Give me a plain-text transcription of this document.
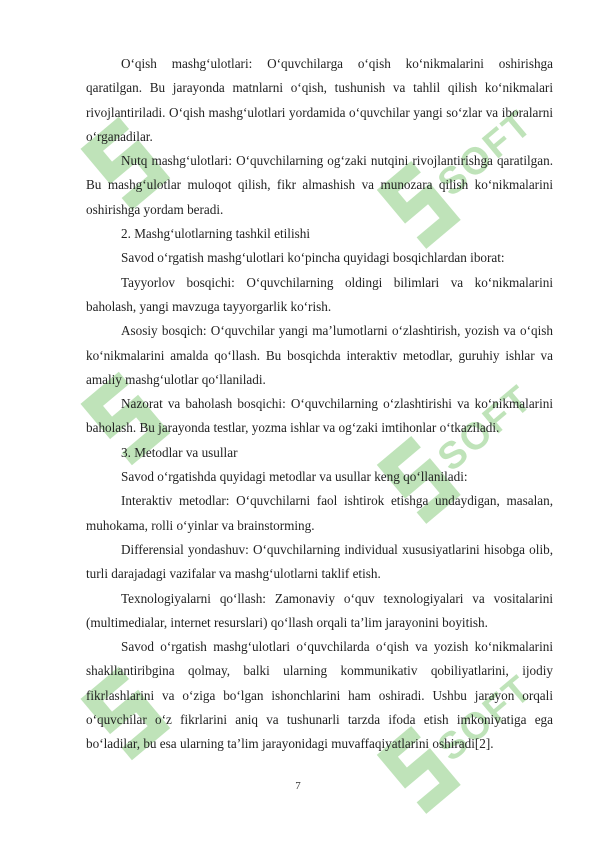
SOFT
SOFT
SOFT

O‘qish mashg‘ulotlari: O‘quvchilarga o‘qish ko‘nikmalarini oshirishga qaratilgan. Bu jarayonda matnlarni o‘qish, tushunish va tahlil qilish ko‘nikmalari rivojlantiriladi. O‘qish mashg‘ulotlari yordamida o‘quvchilar yangi so‘zlar va iboralarni o‘rganadilar.

Nutq mashg‘ulotlari: O‘quvchilarning og‘zaki nutqini rivojlantirishga qaratilgan. Bu mashg‘ulotlar muloqot qilish, fikr almashish va munozara qilish ko‘nikmalarini oshirishga yordam beradi.

2. Mashg‘ulotlarning tashkil etilishi

Savod o‘rgatish mashg‘ulotlari ko‘pincha quyidagi bosqichlardan iborat:

Tayyorlov bosqichi: O‘quvchilarning oldingi bilimlari va ko‘nikmalarini baholash, yangi mavzuga tayyorgarlik ko‘rish.

Asosiy bosqich: O‘quvchilar yangi ma’lumotlarni o‘zlashtirish, yozish va o‘qish ko‘nikmalarini amalda qo‘llash. Bu bosqichda interaktiv metodlar, guruhiy ishlar va amaliy mashg‘ulotlar qo‘llaniladi.

Nazorat va baholash bosqichi: O‘quvchilarning o‘zlashtirishi va ko‘nikmalarini baholash. Bu jarayonda testlar, yozma ishlar va og‘zaki imtihonlar o‘tkaziladi.

3. Metodlar va usullar

Savod o‘rgatishda quyidagi metodlar va usullar keng qo‘llaniladi:

Interaktiv metodlar: O‘quvchilarni faol ishtirok etishga undaydigan, masalan, muhokama, rolli o‘yinlar va brainstorming.

Differensial yondashuv: O‘quvchilarning individual xususiyatlarini hisobga olib, turli darajadagi vazifalar va mashg‘ulotlarni taklif etish.

Texnologiyalarni qo‘llash: Zamonaviy o‘quv texnologiyalari va vositalarini (multimedialar, internet resurslari) qo‘llash orqali ta’lim jarayonini boyitish.

Savod o‘rgatish mashg‘ulotlari o‘quvchilarda o‘qish va yozish ko‘nikmalarini shakllantiribgina qolmay, balki ularning kommunikativ qobiliyatlarini, ijodiy fikrlashlarini va o‘ziga bo‘lgan ishonchlarini ham oshiradi. Ushbu jarayon orqali o‘quvchilar o‘z fikrlarini aniq va tushunarli tarzda ifoda etish imkoniyatiga ega bo‘ladilar, bu esa ularning ta’lim jarayonidagi muvaffaqiyatlarini oshiradi[2].

7
